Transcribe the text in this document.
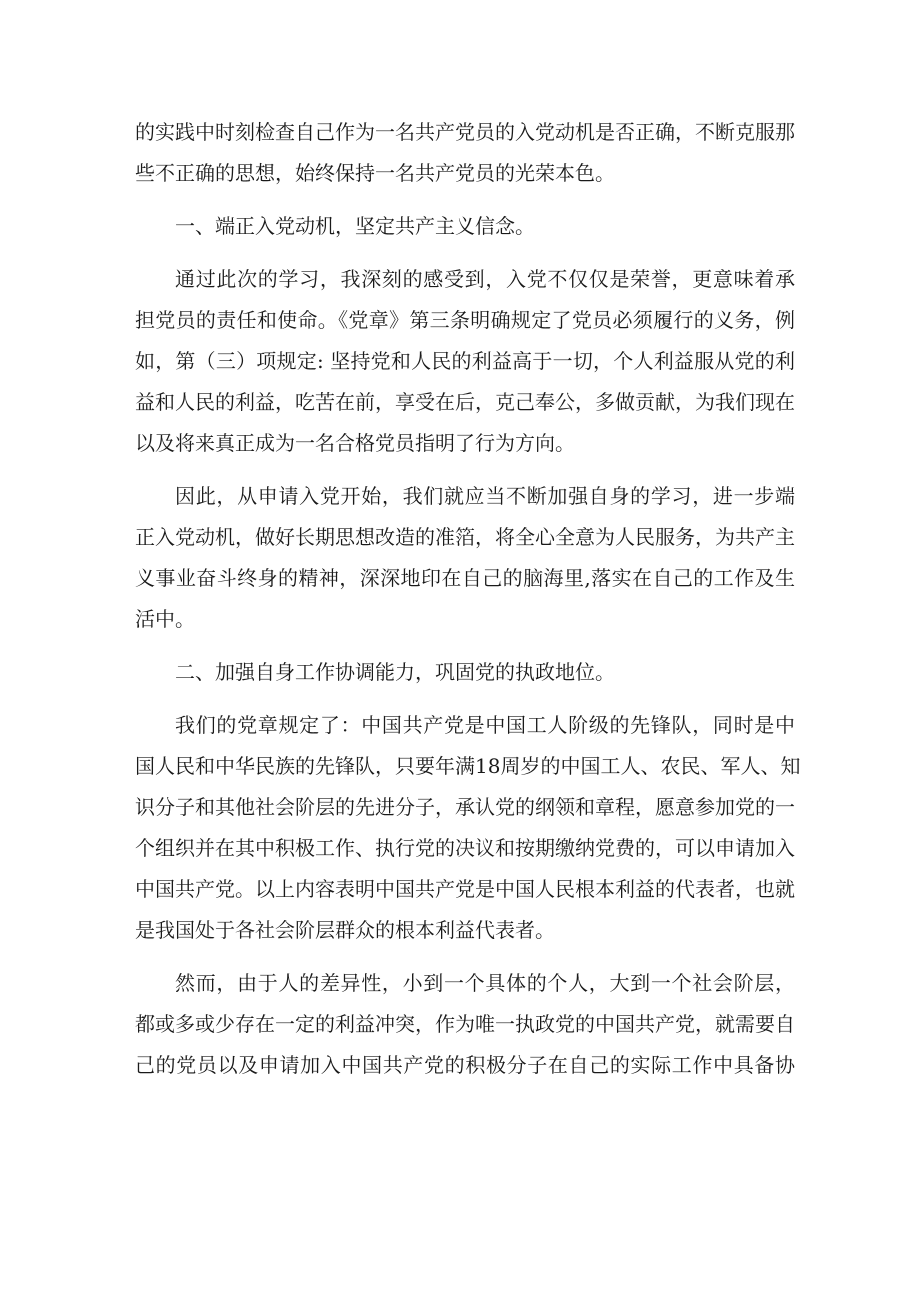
的实践中时刻检查自己作为一名共产党员的入党动机是否正确，不断克服那
些不正确的思想，始终保持一名共产党员的光荣本色。
一、端正入党动机，坚定共产主义信念。
通过此次的学习，我深刻的感受到，入党不仅仅是荣誉，更意味着承
担党员的责任和使命。《党章》第三条明确规定了党员必须履行的义务，例
如，第（三）项规定: 坚持党和人民的利益高于一切，个人利益服从党的利
益和人民的利益，吃苦在前，享受在后，克己奉公，多做贡献，为我们现在
以及将来真正成为一名合格党员指明了行为方向。
因此，从申请入党开始，我们就应当不断加强自身的学习，进一步端
正入党动机，做好长期思想改造的准箔，将全心全意为人民服务，为共产主
义事业奋斗终身的精神，深深地印在自己的脑海里,落实在自己的工作及生
活中。
二、加强自身工作协调能力，巩固党的执政地位。
我们的党章规定了：中国共产党是中国工人阶级的先锋队，同时是中
国人民和中华民族的先锋队，只要年满18周岁的中国工人、农民、军人、知
识分子和其他社会阶层的先进分子，承认党的纲领和章程，愿意参加党的一
个组织并在其中积极工作、执行党的决议和按期缴纳党费的，可以申请加入
中国共产党。以上内容表明中国共产党是中国人民根本利益的代表者，也就
是我国处于各社会阶层群众的根本利益代表者。
然而，由于人的差异性，小到一个具体的个人，大到一个社会阶层，
都或多或少存在一定的利益冲突，作为唯一执政党的中国共产党，就需要自
己的党员以及申请加入中国共产党的积极分子在自己的实际工作中具备协
